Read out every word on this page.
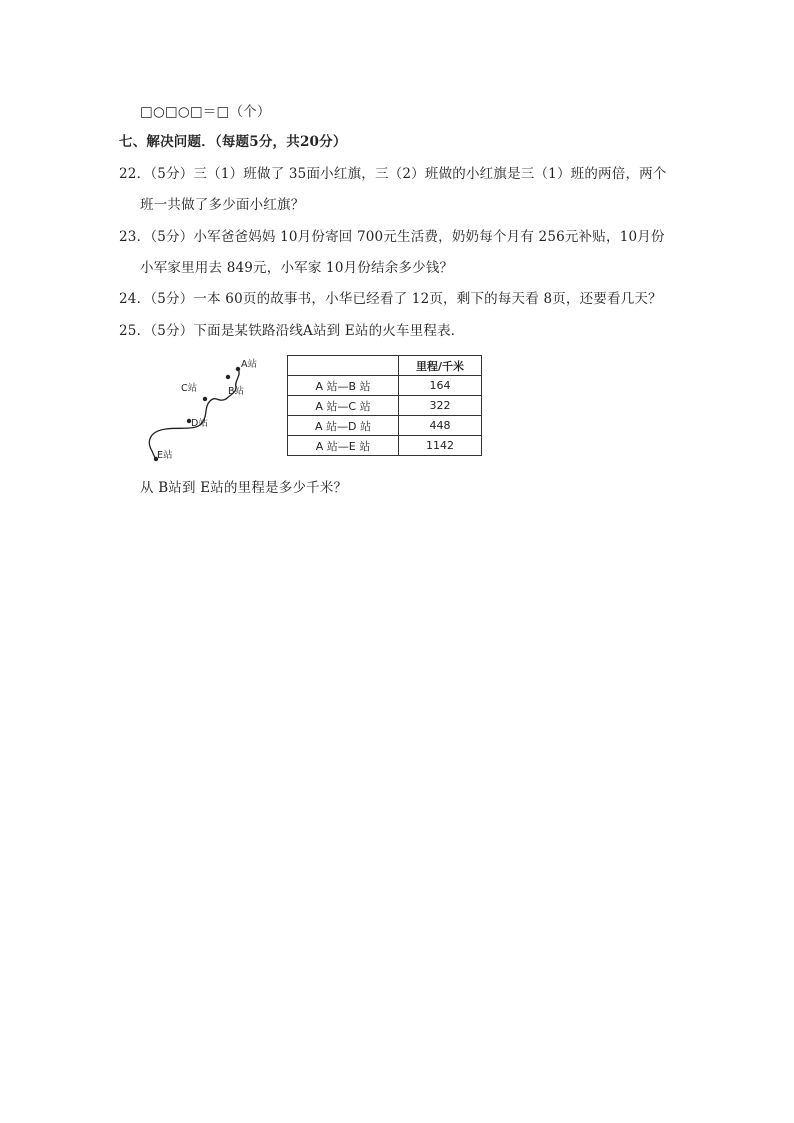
□○□○□＝□（个）
七、解决问题．（每题5分，共20分）
22．（5分）三（1）班做了 35面小红旗，三（2）班做的小红旗是三（1）班的两倍，两个
班一共做了多少面小红旗？
23．（5分）小军爸爸妈妈 10月份寄回 700元生活费，奶奶每个月有 256元补贴，10月份
小军家里用去 849元，小军家 10月份结余多少钱？
24．（5分）一本 60页的故事书，小华已经看了 12页，剩下的每天看 8页，还要看几天？
25．（5分）下面是某铁路沿线A站到 E站的火车里程表．
A站
B站
C站
D站
E站
	里程/千米
A 站—B 站	164
A 站—C 站	322
A 站—D 站	448
A 站—E 站	1142
从 B站到 E站的里程是多少千米？
